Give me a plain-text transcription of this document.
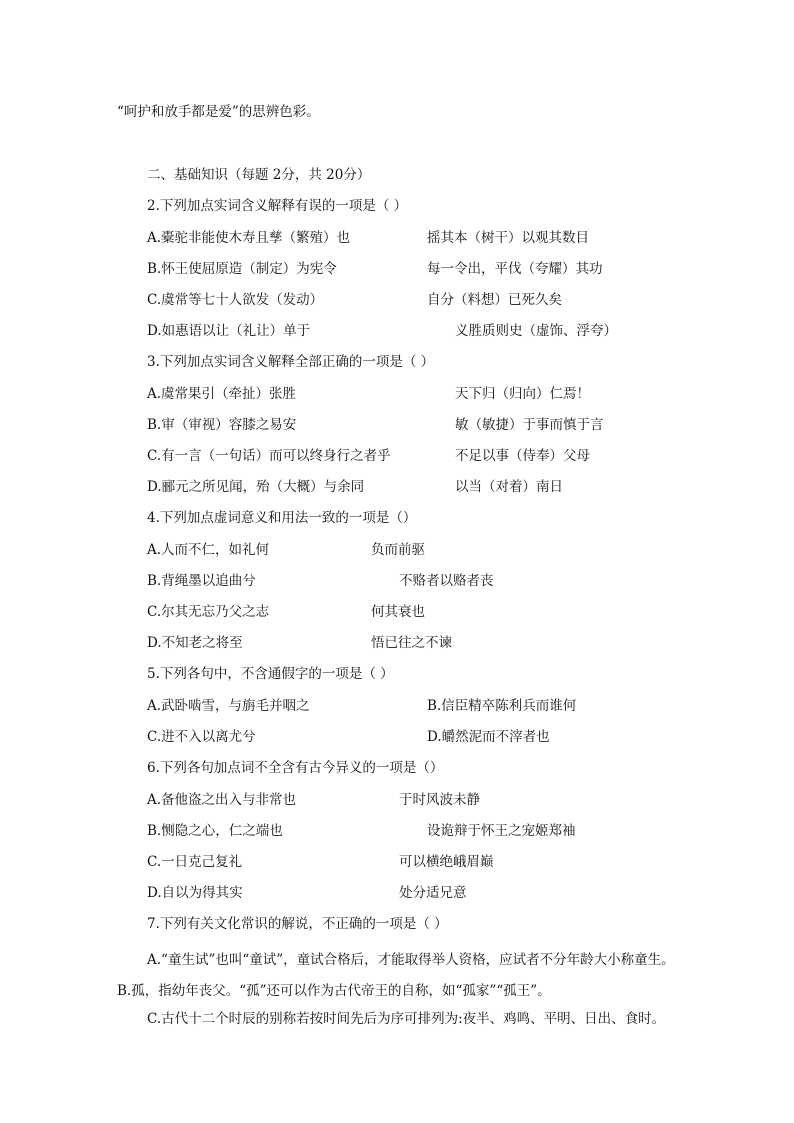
“呵护和放手都是爱”的思辨色彩。
二、基础知识（每题 2分，共 20分）
2.下列加点实词含义解释有误的一项是（ ）
A.橐驼非能使木寿且孳（繁殖）也	摇其本（树干）以观其数目
B.怀王使屈原造（制定）为宪令	每一令出，平伐（夸耀）其功
C.虞常等七十人欲发（发动）	自分（料想）已死久矣
D.如惠语以让（礼让）单于	义胜质则史（虚饰、浮夸）
3.下列加点实词含义解释全部正确的一项是（ ）
A.虞常果引（牵扯）张胜	天下归（归向）仁焉！
B.审（审视）容膝之易安	敏（敏捷）于事而慎于言
C.有一言（一句话）而可以终身行之者乎	不足以事（侍奉）父母
D.郦元之所见闻，殆（大概）与余同	以当（对着）南日
4.下列加点虚词意义和用法一致的一项是（）
A.人而不仁，如礼何	负而前驱
B.背绳墨以追曲兮	不赂者以赂者丧
C.尔其无忘乃父之志	何其衰也
D.不知老之将至	悟已往之不谏
5.下列各句中，不含通假字的一项是（ ）
A.武卧啮雪，与旃毛并咽之	B.信臣精卒陈利兵而谁何
C.进不入以离尤兮	D.皭然泥而不滓者也
6.下列各句加点词不全含有古今异义的一项是（）
A.备他盗之出入与非常也	于时风波未静
B.恻隐之心，仁之端也	设诡辩于怀王之宠姬郑袖
C.一日克己复礼	可以横绝峨眉巅
D.自以为得其实	处分适兄意
7.下列有关文化常识的解说，不正确的一项是（ ）
A.“童生试”也叫“童试”，童试合格后，才能取得举人资格，应试者不分年龄大小称童生。B.孤，指幼年丧父。“孤”还可以作为古代帝王的自称，如“孤家”“孤王”。
C.古代十二个时辰的别称若按时间先后为序可排列为:夜半、鸡鸣、平明、日出、食时。
